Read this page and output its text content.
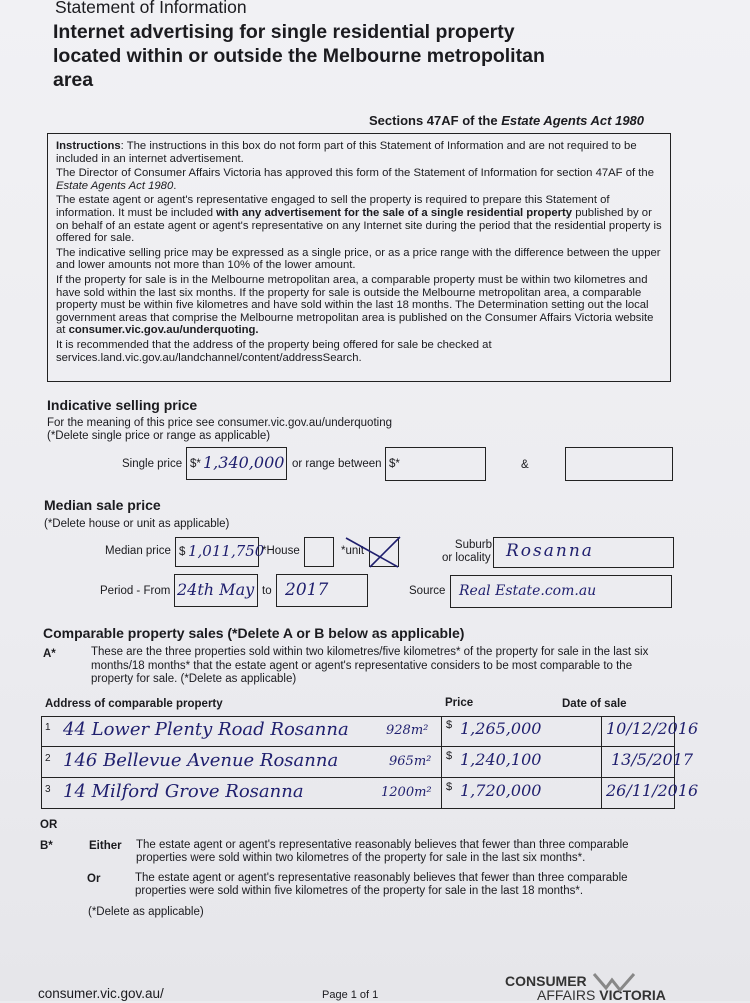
Statement of Information
Internet advertising for single residential property
located within or outside the Melbourne metropolitan
area
Sections 47AF of the Estate Agents Act 1980

Instructions: The instructions in this box do not form part of this Statement of Information and are not required to be included in an internet advertisement.

The Director of Consumer Affairs Victoria has approved this form of the Statement of Information for section 47AF of the Estate Agents Act 1980.

The estate agent or agent's representative engaged to sell the property is required to prepare this Statement of information. It must be included with any advertisement for the sale of a single residential property published by or on behalf of an estate agent or agent's representative on any Internet site during the period that the residential property is offered for sale.

The indicative selling price may be expressed as a single price, or as a price range with the difference between the upper and lower amounts not more than 10% of the lower amount.

If the property for sale is in the Melbourne metropolitan area, a comparable property must be within two kilometres and have sold within the last six months. If the property for sale is outside the Melbourne metropolitan area, a comparable property must be within five kilometres and have sold within the last 18 months. The Determination setting out the local government areas that comprise the Melbourne metropolitan area is published on the Consumer Affairs Victoria website at consumer.vic.gov.au/underquoting.

It is recommended that the address of the property being offered for sale be checked at services.land.vic.gov.au/landchannel/content/addressSearch.

Indicative selling price
For the meaning of this price see consumer.vic.gov.au/underquoting
(*Delete single price or range as applicable)
Single price $* 1,340,000 or range between $*	&
Median sale price
(*Delete house or unit as applicable)
Median price $ 1,011,750
*House	*unit	Suburb
or locality Rosanna
Period - From 24th May to 2017	Source Real Estate.com.au
Comparable property sales (*Delete A or B below as applicable)
A*	These are the three properties sold within two kilometres/five kilometres* of the property for sale in the last six months/18 months* that the estate agent or agent's representative considers to be most comparable to the property for sale. (*Delete as applicable)
Address of comparable property	Price	Date of sale
1 44 Lower Plenty Road Rosanna	928m² $ 1,265,000	10/12/2016
2 146 Bellevue Avenue Rosanna	965m² $ 1,240,100	13/5/2017
3 14 Milford Grove Rosanna	1200m² $ 1,720,000	26/11/2016
OR
B*	Either The estate agent or agent's representative reasonably believes that fewer than three comparable properties were sold within two kilometres of the property for sale in the last six months*.
Or	The estate agent or agent's representative reasonably believes that fewer than three comparable properties were sold within five kilometres of the property for sale in the last 18 months*.
(*Delete as applicable)
consumer.vic.gov.au/	Page 1 of 1
CONSUMER
AFFAIRS VICTORIA
